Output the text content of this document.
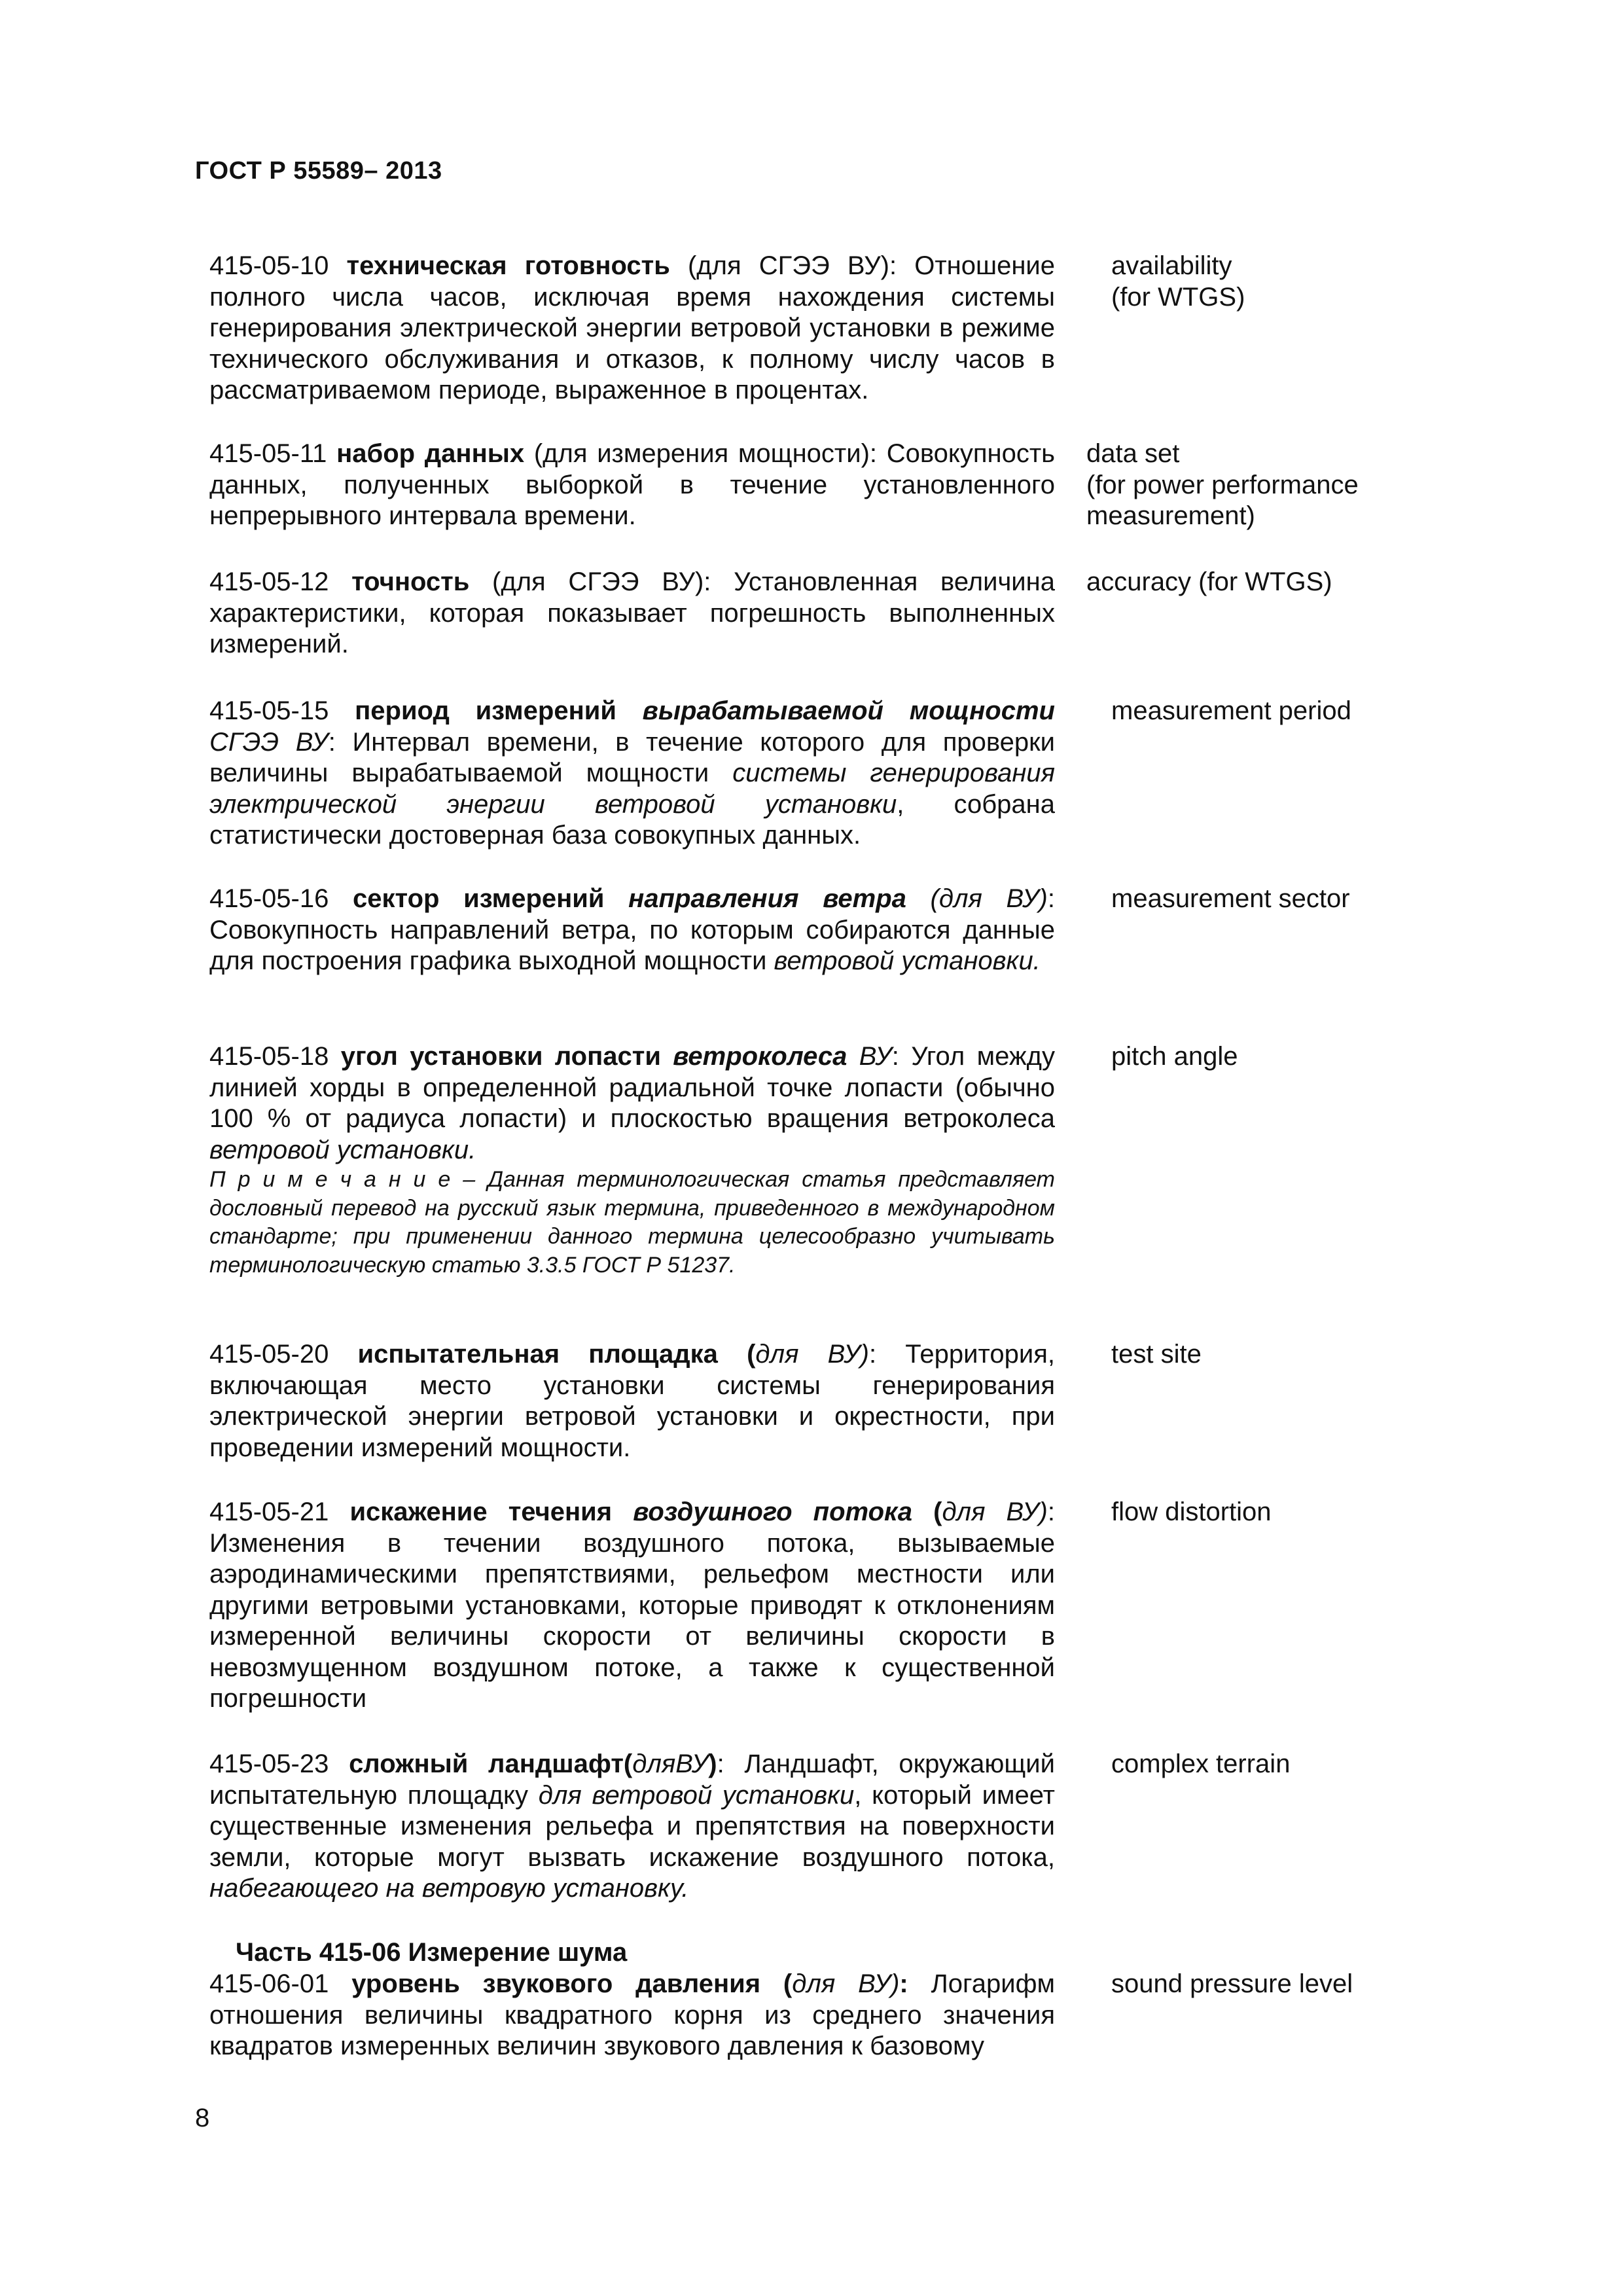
ГОСТ Р 55589– 2013
415-05-10 техническая готовность (для СГЭЭ ВУ): Отношение полного числа часов, исключая время нахождения системы генерирования электрической энергии ветровой установки в режиме технического обслуживания и отказов, к полному числу часов в рассматриваемом периоде, выраженное в процентах.
availability
(for WTGS)
415-05-11 набор данных (для измерения мощности): Совокупность данных, полученных выборкой в течение установленного непрерывного интервала времени.
data set
(for power performance
measurement)
415-05-12 точность (для СГЭЭ ВУ): Установленная величина характеристики, которая показывает погрешность выполненных измерений.
accuracy (for WTGS)
415-05-15 период измерений вырабатываемой мощности СГЭЭ ВУ: Интервал времени, в течение которого для проверки величины вырабатываемой мощности системы генерирования электрической энергии ветровой установки, собрана статистически достоверная база совокупных данных.
measurement period
415-05-16 сектор измерений направления ветра (для ВУ): Совокупность направлений ветра, по которым собираются данные для построения графика выходной мощности ветровой установки.
measurement sector
415-05-18 угол установки лопасти ветроколеса ВУ: Угол между линией хорды в определенной радиальной точке лопасти (обычно 100 % от радиуса лопасти) и плоскостью вращения ветроколеса ветровой установки.
П р и м е ч а н и е – Данная терминологическая статья представляет дословный перевод на русский язык термина, приведенного в международном стандарте; при применении данного термина целесообразно учитывать терминологическую статью 3.3.5 ГОСТ Р 51237.
pitch angle
415-05-20 испытательная площадка (для ВУ): Территория, включающая место установки системы генерирования электрической энергии ветровой установки и окрестности, при проведении измерений мощности.
test site
415-05-21 искажение течения воздушного потока (для ВУ): Изменения в течении воздушного потока, вызываемые аэродинамическими препятствиями, рельефом местности или другими ветровыми установками, которые приводят к отклонениям измеренной величины скорости от величины скорости в невозмущенном воздушном потоке, а также к существенной погрешности
flow distortion
415-05-23 сложный ландшафт(дляВУ): Ландшафт, окружающий испытательную площадку для ветровой установки, который имеет существенные изменения рельефа и препятствия на поверхности земли, которые могут вызвать искажение воздушного потока, набегающего на ветровую установку.
complex terrain
Часть 415-06 Измерение шума
415-06-01 уровень звукового давления (для ВУ): Логарифм отношения величины квадратного корня из среднего значения квадратов измеренных величин звукового давления к базовому
sound pressure level
8
